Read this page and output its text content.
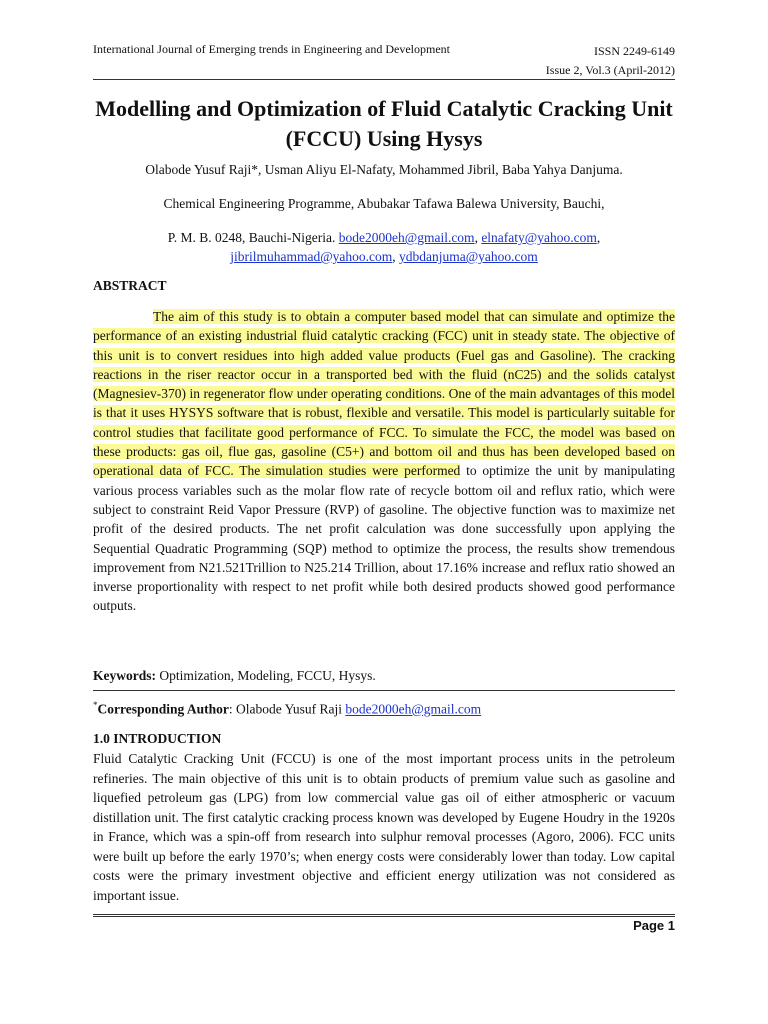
International Journal of Emerging trends in Engineering and Development	ISSN 2249-6149
Issue 2, Vol.3 (April-2012)
Modelling and Optimization of Fluid Catalytic Cracking Unit (FCCU) Using Hysys
Olabode Yusuf Raji*, Usman Aliyu El-Nafaty, Mohammed Jibril, Baba Yahya Danjuma.
Chemical Engineering Programme, Abubakar Tafawa Balewa University, Bauchi,
P. M. B. 0248, Bauchi-Nigeria. bode2000eh@gmail.com, elnafaty@yahoo.com,
jibrilmuhammad@yahoo.com, ydbdanjuma@yahoo.com
ABSTRACT

The aim of this study is to obtain a computer based model that can simulate and optimize the performance of an existing industrial fluid catalytic cracking (FCC) unit in steady state. The objective of this unit is to convert residues into high added value products (Fuel gas and Gasoline). The cracking reactions in the riser reactor occur in a transported bed with the fluid (nC25) and the solids catalyst (Magnesiev-370) in regenerator flow under operating conditions. One of the main advantages of this model is that it uses HYSYS software that is robust, flexible and versatile. This model is particularly suitable for control studies that facilitate good performance of FCC. To simulate the FCC, the model was based on these products: gas oil, flue gas, gasoline (C5+) and bottom oil and thus has been developed based on operational data of FCC. The simulation studies were performed to optimize the unit by manipulating various process variables such as the molar flow rate of recycle bottom oil and reflux ratio, which were subject to constraint Reid Vapor Pressure (RVP) of gasoline. The objective function was to maximize net profit of the desired products. The net profit calculation was done successfully upon applying the Sequential Quadratic Programming (SQP) method to optimize the process, the results show tremendous improvement from N21.521Trillion to N25.214 Trillion, about 17.16% increase and reflux ratio showed an inverse proportionality with respect to net profit while both desired products showed good performance outputs.

Keywords: Optimization, Modeling, FCCU, Hysys.
*Corresponding Author: Olabode Yusuf Raji bode2000eh@gmail.com
1.0 INTRODUCTION

Fluid Catalytic Cracking Unit (FCCU) is one of the most important process units in the petroleum refineries. The main objective of this unit is to obtain products of premium value such as gasoline and liquefied petroleum gas (LPG) from low commercial value gas oil of either atmospheric or vacuum distillation unit. The first catalytic cracking process known was developed by Eugene Houdry in the 1920s in France, which was a spin-off from research into sulphur removal processes (Agoro, 2006). FCC units were built up before the early 1970’s; when energy costs were considerably lower than today. Low capital costs were the primary investment objective and efficient energy utilization was not considered as important issue.

Page 1
